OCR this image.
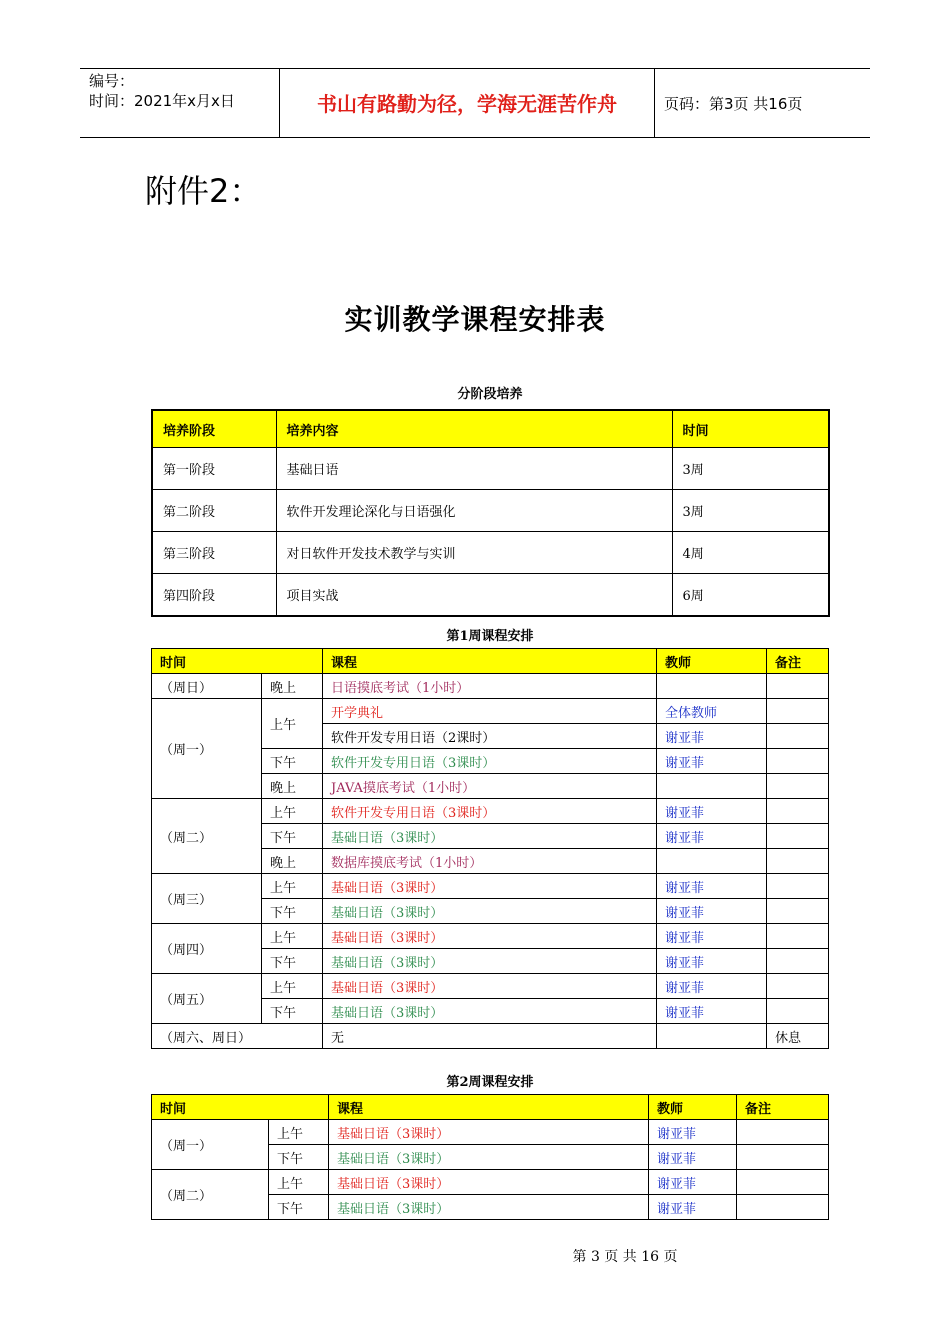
编号：
时间：2021年x月x日	书山有路勤为径，学海无涯苦作舟	页码：第3页 共16页
附件2：
实训教学课程安排表
分阶段培养
培养阶段	培养内容	时间
第一阶段	基础日语	3周
第二阶段	软件开发理论深化与日语强化	3周
第三阶段	对日软件开发技术教学与实训	4周
第四阶段	项目实战	6周
第1周课程安排
时间		课程	教师	备注
（周日）	晚上	日语摸底考试（1小时）		
（周一）	上午	开学典礼	全体教师	
		软件开发专用日语（2课时）	谢亚菲	
	下午	软件开发专用日语（3课时）	谢亚菲	
	晚上	JAVA摸底考试（1小时）		
（周二）	上午	软件开发专用日语（3课时）	谢亚菲	
	下午	基础日语（3课时）	谢亚菲	
	晚上	数据库摸底考试（1小时）		
（周三）	上午	基础日语（3课时）	谢亚菲	
	下午	基础日语（3课时）	谢亚菲	
（周四）	上午	基础日语（3课时）	谢亚菲	
	下午	基础日语（3课时）	谢亚菲	
（周五）	上午	基础日语（3课时）	谢亚菲	
	下午	基础日语（3课时）	谢亚菲	
（周六、周日）		无		休息
第2周课程安排
时间		课程	教师	备注
（周一）	上午	基础日语（3课时）	谢亚菲	
	下午	基础日语（3课时）	谢亚菲	
（周二）	上午	基础日语（3课时）	谢亚菲	
	下午	基础日语（3课时）	谢亚菲	
第 3 页 共 16 页
